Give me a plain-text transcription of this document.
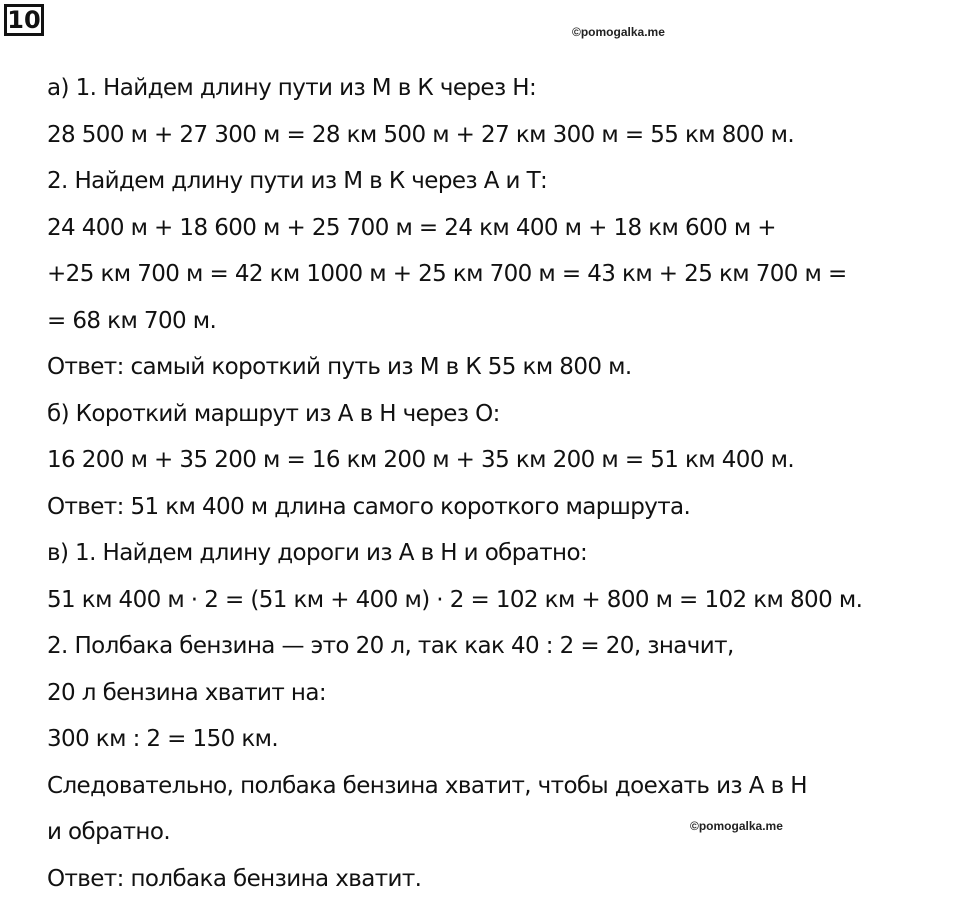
10	©pomogalka.me
а) 1. Найдем длину пути из М в К через Н:
28 500 м + 27 300 м = 28 км 500 м + 27 км 300 м = 55 км 800 м.
2. Найдем длину пути из М в К через А и Т:
24 400 м + 18 600 м + 25 700 м = 24 км 400 м + 18 км 600 м +
+25 км 700 м = 42 км 1000 м + 25 км 700 м = 43 км + 25 км 700 м =
= 68 км 700 м.
Ответ: самый короткий путь из М в К 55 км 800 м.
б) Короткий маршрут из А в Н через О:
16 200 м + 35 200 м = 16 км 200 м + 35 км 200 м = 51 км 400 м.
Ответ: 51 км 400 м длина самого короткого маршрута.
в) 1. Найдем длину дороги из А в Н и обратно:
51 км 400 м · 2 = (51 км + 400 м) · 2 = 102 км + 800 м = 102 км 800 м.
2. Полбака бензина — это 20 л, так как 40 : 2 = 20, значит,
20 л бензина хватит на:
300 км : 2 = 150 км.
Следовательно, полбака бензина хватит, чтобы доехать из А в Н
и обратно.
Ответ: полбака бензина хватит.
©pomogalka.me
